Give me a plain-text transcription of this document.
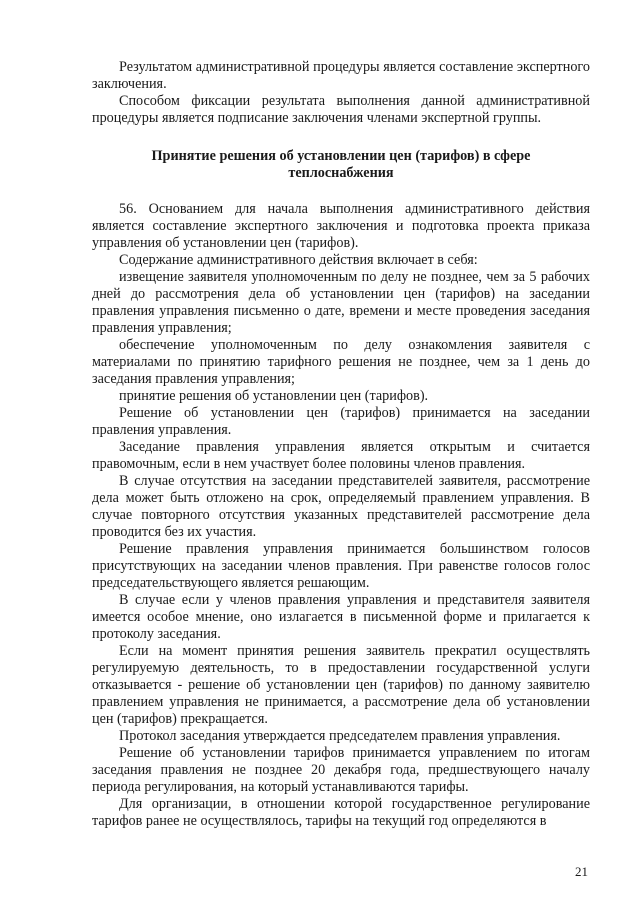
Результатом административной процедуры является составление экспертного заключения.

Способом фиксации результата выполнения данной административной процедуры является подписание заключения членами экспертной группы.

Принятие решения об установлении цен (тарифов) в сфере теплоснабжения

56. Основанием для начала выполнения административного действия является составление экспертного заключения и подготовка проекта приказа управления об установлении цен (тарифов).

Содержание административного действия включает в себя:

извещение заявителя уполномоченным по делу не позднее, чем за 5 рабочих дней до рассмотрения дела об установлении цен (тарифов) на заседании правления управления письменно о дате, времени и месте проведения заседания правления управления;

обеспечение уполномоченным по делу ознакомления заявителя с материалами по принятию тарифного решения не позднее, чем за 1 день до заседания правления управления;

принятие решения об установлении цен (тарифов).

Решение об установлении цен (тарифов) принимается на заседании правления управления.

Заседание правления управления является открытым и считается правомочным, если в нем участвует более половины членов правления.

В случае отсутствия на заседании представителей заявителя, рассмотрение дела может быть отложено на срок, определяемый правлением управления. В случае повторного отсутствия указанных представителей рассмотрение дела проводится без их участия.

Решение правления управления принимается большинством голосов присутствующих на заседании членов правления. При равенстве голосов голос председательствующего является решающим.

В случае если у членов правления управления и представителя заявителя имеется особое мнение, оно излагается в письменной форме и прилагается к протоколу заседания.

Если на момент принятия решения заявитель прекратил осуществлять регулируемую деятельность, то в предоставлении государственной услуги отказывается - решение об установлении цен (тарифов) по данному заявителю правлением управления не принимается, а рассмотрение дела об установлении цен (тарифов) прекращается.

Протокол заседания утверждается председателем правления управления.

Решение об установлении тарифов принимается управлением по итогам заседания правления не позднее 20 декабря года, предшествующего началу периода регулирования, на который устанавливаются тарифы.

Для организации, в отношении которой государственное регулирование тарифов ранее не осуществлялось, тарифы на текущий год определяются в

21
